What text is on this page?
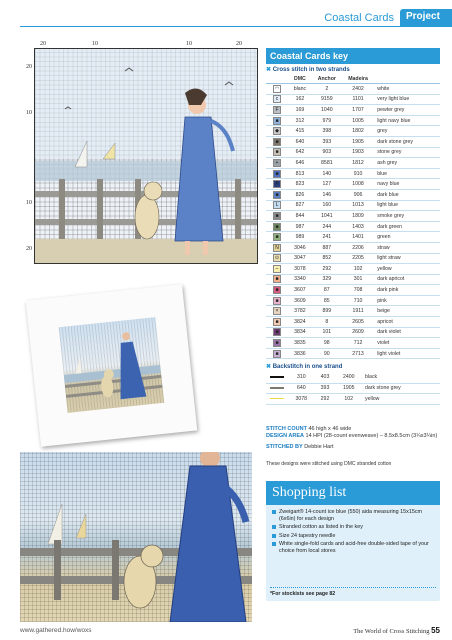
Coastal Cards	Project
20	10	10	20
20
10
10
20
Coastal Cards key
✖ Cross stitch in two strands
	DMC	Anchor	Madeira	
◠	blanc	2	2402	white
c	162	9159	1101	very light blue
F	169	1040	1707	pewter grey
■	312	979	1005	light navy blue
◆	415	398	1802	grey
■	640	393	1905	dark stone grey
■	642	903	1903	stone grey
+	646	8581	1812	ash grey
■	813	140	910	blue
F	823	127	1008	navy blue
■	826	146	906	dark blue
L	827	160	1013	light blue
■	844	1041	1809	smoke grey
■	987	244	1403	dark green
■	989	241	1401	green
N	3046	887	2206	straw
⊙	3047	852	2205	light straw
–	3078	292	102	yellow
■	3340	329	301	dark apricot
■	3607	87	708	dark pink
■	3609	85	710	pink
×	3782	899	1911	beige
■	3824	8	2605	apricot
■	3834	101	2609	dark violet
■	3835	98	712	violet
■	3836	90	2713	light violet
✖ Backstitch in one strand
	310	403	2400	black
	640	393	1905	dark stone grey
	3078	292	102	yellow
STITCH COUNT 46 high x 46 wide
DESIGN AREA 14 HPI (28-count evenweave) – 8.5x8.5cm (3¼x3¼in)
STITCHED BY Debbie Hart
These designs were stitched using DMC stranded cotton
Shopping list
Zweigart® 14-count ice blue (550) aida measuring 15x15cm (6x6in) for each design
Stranded cotton as listed in the key
Size 24 tapestry needle
White single-fold cards and acid-free double-sided tape of your choice from local stores
*For stockists see page 82
www.gathered.how/woxs	The World of Cross Stitching 55
